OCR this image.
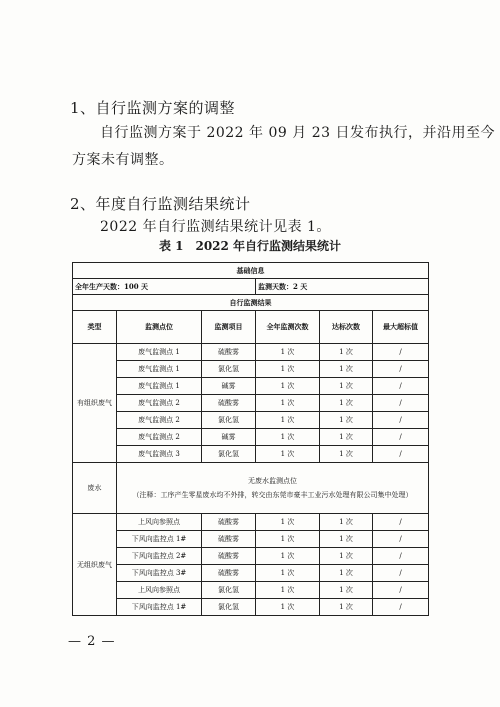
1、自行监测方案的调整
自行监测方案于 2022 年 09 月 23 日发布执行，并沿用至今
方案未有调整。
2、年度自行监测结果统计
2022 年自行监测结果统计见表 1。
表 1　2022 年自行监测结果统计
基础信息					
全年生产天数：100 天			监测天数：2 天		
自行监测结果					
类型	监测点位	监测项目	全年监测次数	达标次数	最大超标值
有组织废气	废气监测点 1	硫酸雾	1 次	1 次	/
	废气监测点 1	氯化氢	1 次	1 次	/
	废气监测点 1	碱雾	1 次	1 次	/
	废气监测点 2	硫酸雾	1 次	1 次	/
	废气监测点 2	氯化氢	1 次	1 次	/
	废气监测点 2	碱雾	1 次	1 次	/
	废气监测点 3	氯化氢	1 次	1 次	/
废水	无废水监测点位
（注释：工序产生零星废水均不外排，转交由东莞市豪丰工业污水处理有限公司集中处理）				

无组织废气	上风向参照点	硫酸雾	1 次	1 次	/
	下风向监控点 1#	硫酸雾	1 次	1 次	/
	下风向监控点 2#	硫酸雾	1 次	1 次	/
	下风向监控点 3#	硫酸雾	1 次	1 次	/
	上风向参照点	氯化氢	1 次	1 次	/
	下风向监控点 1#	氯化氢	1 次	1 次	/
— 2 —
